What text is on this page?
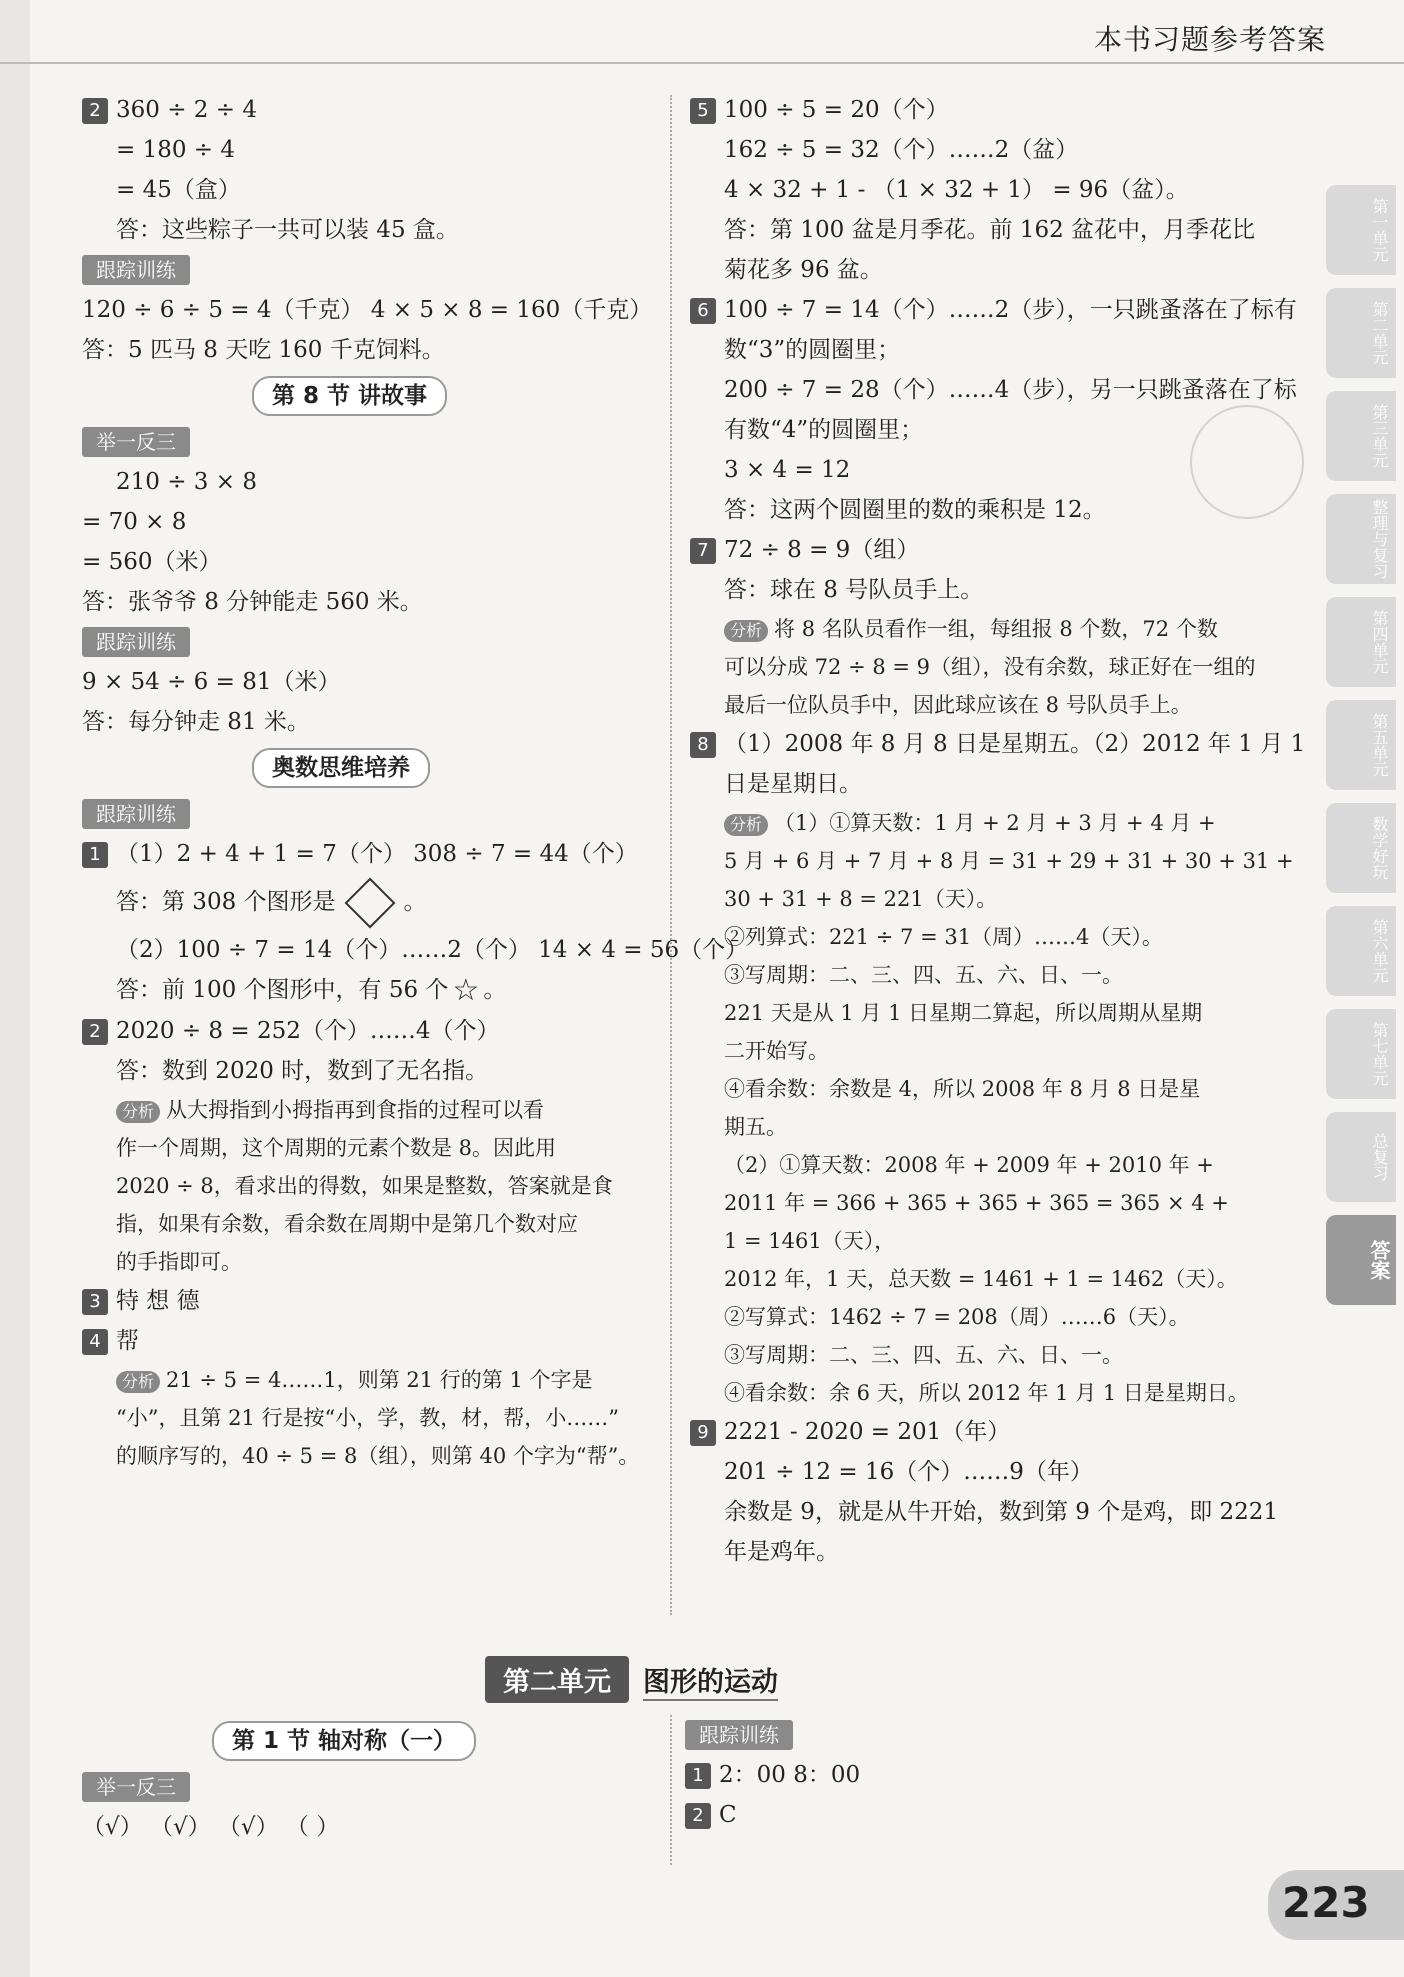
本书习题参考答案
2 360 ÷ 2 ÷ 4
= 180 ÷ 4
= 45（盒）
答：这些粽子一共可以装 45 盒。
跟踪训练
120 ÷ 6 ÷ 5 = 4（千克） 4 × 5 × 8 = 160（千克）
答：5 匹马 8 天吃 160 千克饲料。
第 8 节 讲故事
举一反三
210 ÷ 3 × 8
= 70 × 8
= 560（米）
答：张爷爷 8 分钟能走 560 米。
跟踪训练
9 × 54 ÷ 6 = 81（米）
答：每分钟走 81 米。
奥数思维培养
跟踪训练
1 （1）2 + 4 + 1 = 7（个） 308 ÷ 7 = 44（个）
答：第 308 个图形是	。
（2）100 ÷ 7 = 14（个）……2（个） 14 × 4 = 56（个）
答：前 100 个图形中，有 56 个 ☆ 。
2 2020 ÷ 8 = 252（个）……4（个）
答：数到 2020 时，数到了无名指。
分析 从大拇指到小拇指再到食指的过程可以看
作一个周期，这个周期的元素个数是 8。因此用
2020 ÷ 8，看求出的得数，如果是整数，答案就是食
指，如果有余数，看余数在周期中是第几个数对应
的手指即可。
3 特 想 德
4 帮
分析 21 ÷ 5 = 4……1，则第 21 行的第 1 个字是
“小”，且第 21 行是按“小，学，教，材，帮，小……”
的顺序写的，40 ÷ 5 = 8（组），则第 40 个字为“帮”。
5 100 ÷ 5 = 20（个）
162 ÷ 5 = 32（个）……2（盆）
4 × 32 + 1 - （1 × 32 + 1） = 96（盆）。
答：第 100 盆是月季花。前 162 盆花中，月季花比
菊花多 96 盆。
6 100 ÷ 7 = 14（个）……2（步），一只跳蚤落在了标有
数“3”的圆圈里；
200 ÷ 7 = 28（个）……4（步），另一只跳蚤落在了标
有数“4”的圆圈里；
3 × 4 = 12
答：这两个圆圈里的数的乘积是 12。
7 72 ÷ 8 = 9（组）
答：球在 8 号队员手上。
分析 将 8 名队员看作一组，每组报 8 个数，72 个数
可以分成 72 ÷ 8 = 9（组），没有余数，球正好在一组的
最后一位队员手中，因此球应该在 8 号队员手上。
8 （1）2008 年 8 月 8 日是星期五。（2）2012 年 1 月 1
日是星期日。
分析 （1）①算天数：1 月 + 2 月 + 3 月 + 4 月 +
5 月 + 6 月 + 7 月 + 8 月 = 31 + 29 + 31 + 30 + 31 +
30 + 31 + 8 = 221（天）。
②列算式：221 ÷ 7 = 31（周）……4（天）。
③写周期：二、三、四、五、六、日、一。
221 天是从 1 月 1 日星期二算起，所以周期从星期
二开始写。
④看余数：余数是 4，所以 2008 年 8 月 8 日是星
期五。
（2）①算天数：2008 年 + 2009 年 + 2010 年 +
2011 年 = 366 + 365 + 365 + 365 = 365 × 4 +
1 = 1461（天），
2012 年，1 天，总天数 = 1461 + 1 = 1462（天）。
②写算式：1462 ÷ 7 = 208（周）……6（天）。
③写周期：二、三、四、五、六、日、一。
④看余数：余 6 天，所以 2012 年 1 月 1 日是星期日。
9 2221 - 2020 = 201（年）
201 ÷ 12 = 16（个）……9（年）
余数是 9，就是从牛开始，数到第 9 个是鸡，即 2221
年是鸡年。
第二单元 图形的运动
第 1 节 轴对称（一）
举一反三
（√） （√） （√） （ ）
跟踪训练
1 2：00 8：00
2 C
第一单元
第二单元
第三单元
整理与复习
第四单元
第五单元
数学好玩
第六单元
第七单元
总复习
答案
223
